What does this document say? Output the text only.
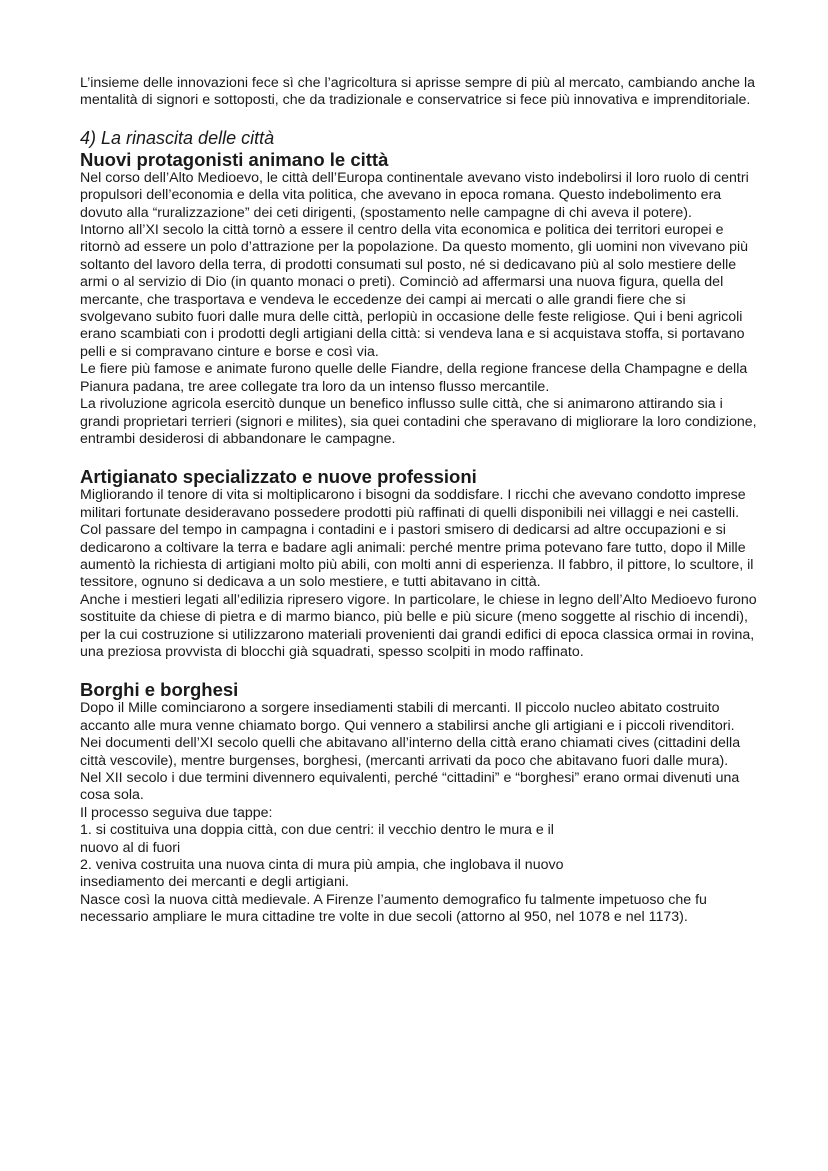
L’insieme delle innovazioni fece sì che l’agricoltura si aprisse sempre di più al mercato, cambiando anche la mentalità di signori e sottoposti, che da tradizionale e conservatrice si fece più innovativa e imprenditoriale.

4) La rinascita delle città
Nuovi protagonisti animano le città

Nel corso dell’Alto Medioevo, le città dell’Europa continentale avevano visto indebolirsi il loro ruolo di centri propulsori dell’economia e della vita politica, che avevano in epoca romana. Questo indebolimento era dovuto alla “ruralizzazione” dei ceti dirigenti, (spostamento nelle campagne di chi aveva il potere).

Intorno all’XI secolo la città tornò a essere il centro della vita economica e politica dei territori europei e ritornò ad essere un polo d’attrazione per la popolazione. Da questo momento, gli uomini non vivevano più soltanto del lavoro della terra, di prodotti consumati sul posto, né si dedicavano più al solo mestiere delle armi o al servizio di Dio (in quanto monaci o preti). Cominciò ad affermarsi una nuova figura, quella del mercante, che trasportava e vendeva le eccedenze dei campi ai mercati o alle grandi fiere che si svolgevano subito fuori dalle mura delle città, perlopiù in occasione delle feste religiose. Qui i beni agricoli erano scambiati con i prodotti degli artigiani della città: si vendeva lana e si acquistava stoffa, si portavano pelli e si compravano cinture e borse e così via.

Le fiere più famose e animate furono quelle delle Fiandre, della regione francese della Champagne e della Pianura padana, tre aree collegate tra loro da un intenso flusso mercantile.

La rivoluzione agricola esercitò dunque un benefico influsso sulle città, che si animarono attirando sia i grandi proprietari terrieri (signori e milites), sia quei contadini che speravano di migliorare la loro condizione, entrambi desiderosi di abbandonare le campagne.

Artigianato specializzato e nuove professioni

Migliorando il tenore di vita si moltiplicarono i bisogni da soddisfare. I ricchi che avevano condotto imprese militari fortunate desideravano possedere prodotti più raffinati di quelli disponibili nei villaggi e nei castelli. Col passare del tempo in campagna i contadini e i pastori smisero di dedicarsi ad altre occupazioni e si dedicarono a coltivare la terra e badare agli animali: perché mentre prima potevano fare tutto, dopo il Mille aumentò la richiesta di artigiani molto più abili, con molti anni di esperienza. Il fabbro, il pittore, lo scultore, il tessitore, ognuno si dedicava a un solo mestiere, e tutti abitavano in città.

Anche i mestieri legati all’edilizia ripresero vigore. In particolare, le chiese in legno dell’Alto Medioevo furono sostituite da chiese di pietra e di marmo bianco, più belle e più sicure (meno soggette al rischio di incendi), per la cui costruzione si utilizzarono materiali provenienti dai grandi edifici di epoca classica ormai in rovina, una preziosa provvista di blocchi già squadrati, spesso scolpiti in modo raffinato.

Borghi e borghesi

Dopo il Mille cominciarono a sorgere insediamenti stabili di mercanti. Il piccolo nucleo abitato costruito accanto alle mura venne chiamato borgo. Qui vennero a stabilirsi anche gli artigiani e i piccoli rivenditori.

Nei documenti dell’XI secolo quelli che abitavano all’interno della città erano chiamati cives (cittadini della città vescovile), mentre burgenses, borghesi, (mercanti arrivati da poco che abitavano fuori dalle mura).

Nel XII secolo i due termini divennero equivalenti, perché “cittadini” e “borghesi” erano ormai divenuti una cosa sola.

Il processo seguiva due tappe:

1. si costituiva una doppia città, con due centri: il vecchio dentro le mura e il

nuovo al di fuori

2. veniva costruita una nuova cinta di mura più ampia, che inglobava il nuovo

insediamento dei mercanti e degli artigiani.

Nasce così la nuova città medievale. A Firenze l’aumento demografico fu talmente impetuoso che fu necessario ampliare le mura cittadine tre volte in due secoli (attorno al 950, nel 1078 e nel 1173).
